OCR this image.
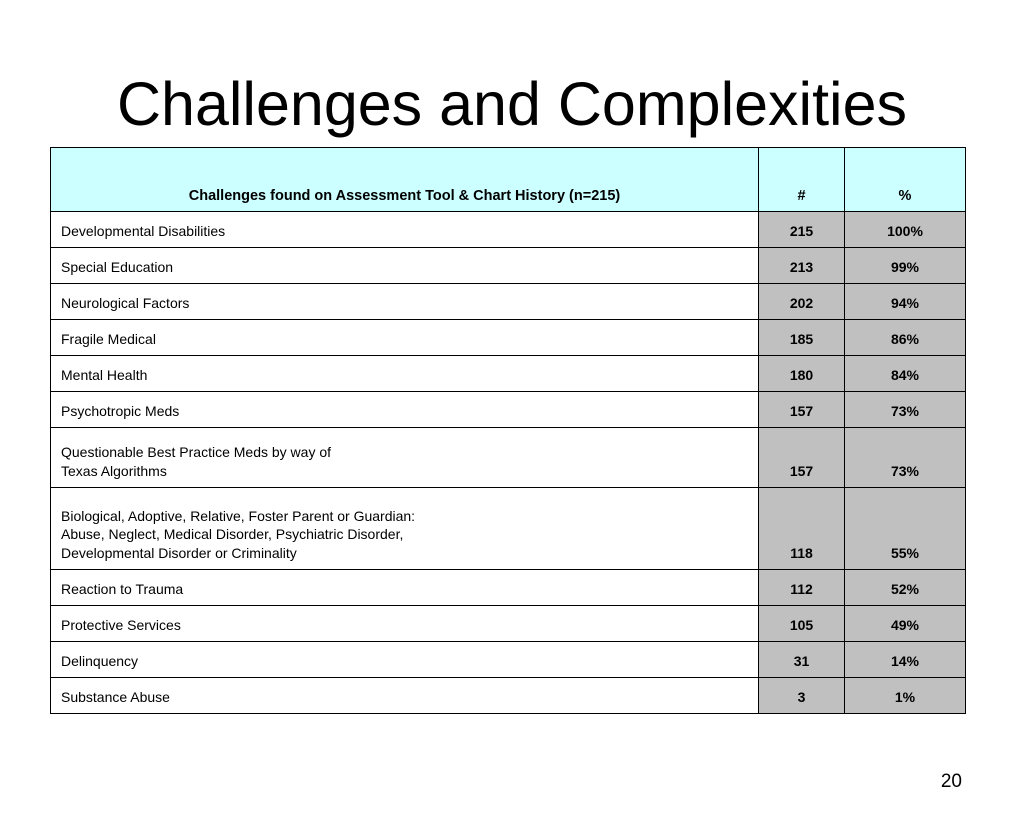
Challenges and Complexities
Challenges found on Assessment Tool & Chart History (n=215)	#	%

Developmental Disabilities	215	100%

Special Education	213	99%

Neurological Factors	202	94%

Fragile Medical	185	86%

Mental Health	180	84%

Psychotropic Meds	157	73%

Questionable Best Practice Meds by way of
Texas Algorithms	157	73%

Biological, Adoptive, Relative, Foster Parent or Guardian:
Abuse, Neglect, Medical Disorder, Psychiatric Disorder,
Developmental Disorder or Criminality	118	55%

Reaction to Trauma	112	52%

Protective Services	105	49%

Delinquency	31	14%

Substance Abuse	3	1%
20
